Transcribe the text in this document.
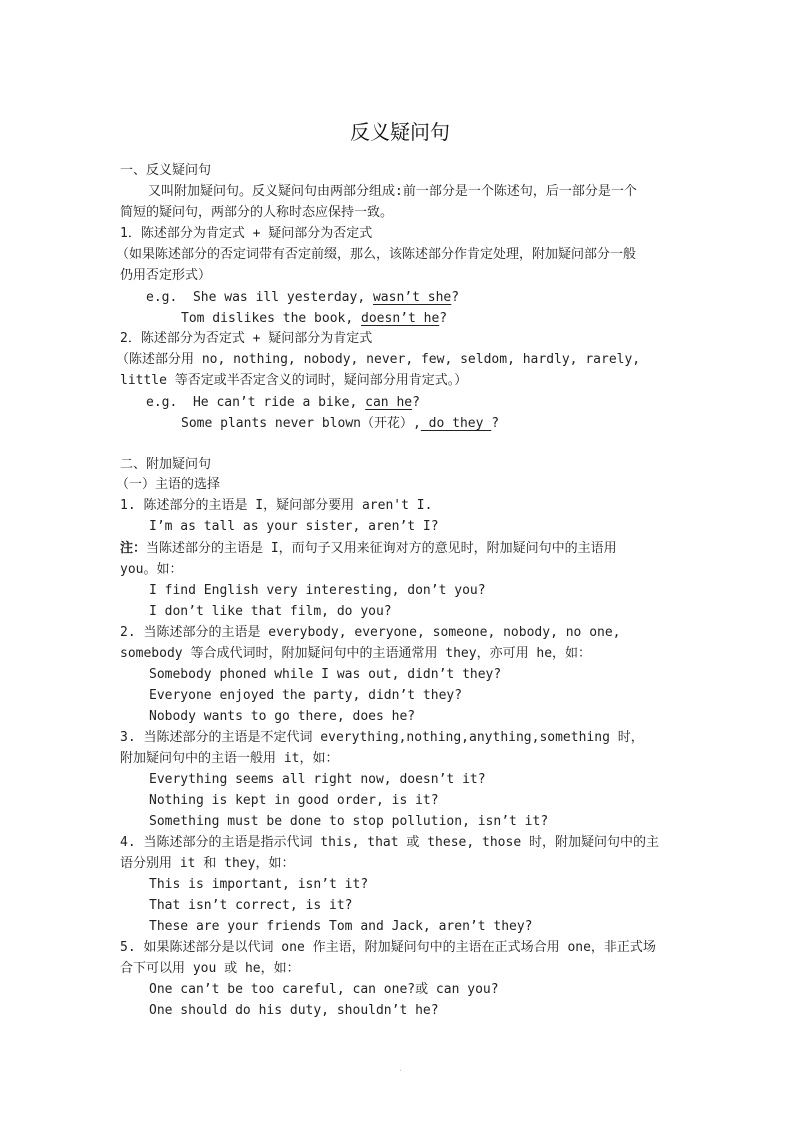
反义疑问句
一、反义疑问句
又叫附加疑问句。反义疑问句由两部分组成:前一部分是一个陈述句，后一部分是一个
简短的疑问句，两部分的人称时态应保持一致。
1．陈述部分为肯定式 + 疑问部分为否定式
（如果陈述部分的否定词带有否定前缀，那么，该陈述部分作肯定处理，附加疑问部分一般
仍用否定形式）
e.g.  She was ill yesterday, wasn’t she?
Tom dislikes the book, doesn’t he?
2．陈述部分为否定式 + 疑问部分为肯定式
（陈述部分用 no, nothing, nobody, never, few, seldom, hardly, rarely,
little 等否定或半否定含义的词时，疑问部分用肯定式。）
e.g.  He can’t ride a bike, can he?
Some plants never blown（开花）, do they ?
二、附加疑问句
（一）主语的选择
1. 陈述部分的主语是 I，疑问部分要用 aren't I.
I’m as tall as your sister, aren’t I?
注：当陈述部分的主语是 I，而句子又用来征询对方的意见时，附加疑问句中的主语用
you。如：
I find English very interesting, don’t you?
I don’t like that film, do you?
2. 当陈述部分的主语是 everybody, everyone, someone, nobody, no one,
somebody 等合成代词时，附加疑问句中的主语通常用 they，亦可用 he，如：
Somebody phoned while I was out, didn’t they?
Everyone enjoyed the party, didn’t they?
Nobody wants to go there, does he?
3. 当陈述部分的主语是不定代词 everything,nothing,anything,something 时，
附加疑问句中的主语一般用 it，如：
Everything seems all right now, doesn’t it?
Nothing is kept in good order, is it?
Something must be done to stop pollution, isn’t it?
4. 当陈述部分的主语是指示代词 this, that 或 these, those 时，附加疑问句中的主
语分别用 it 和 they，如：
This is important, isn’t it?
That isn’t correct, is it?
These are your friends Tom and Jack, aren’t they?
5. 如果陈述部分是以代词 one 作主语，附加疑问句中的主语在正式场合用 one，非正式场
合下可以用 you 或 he，如：
One can’t be too careful, can one?或 can you?
One should do his duty, shouldn’t he?
·
